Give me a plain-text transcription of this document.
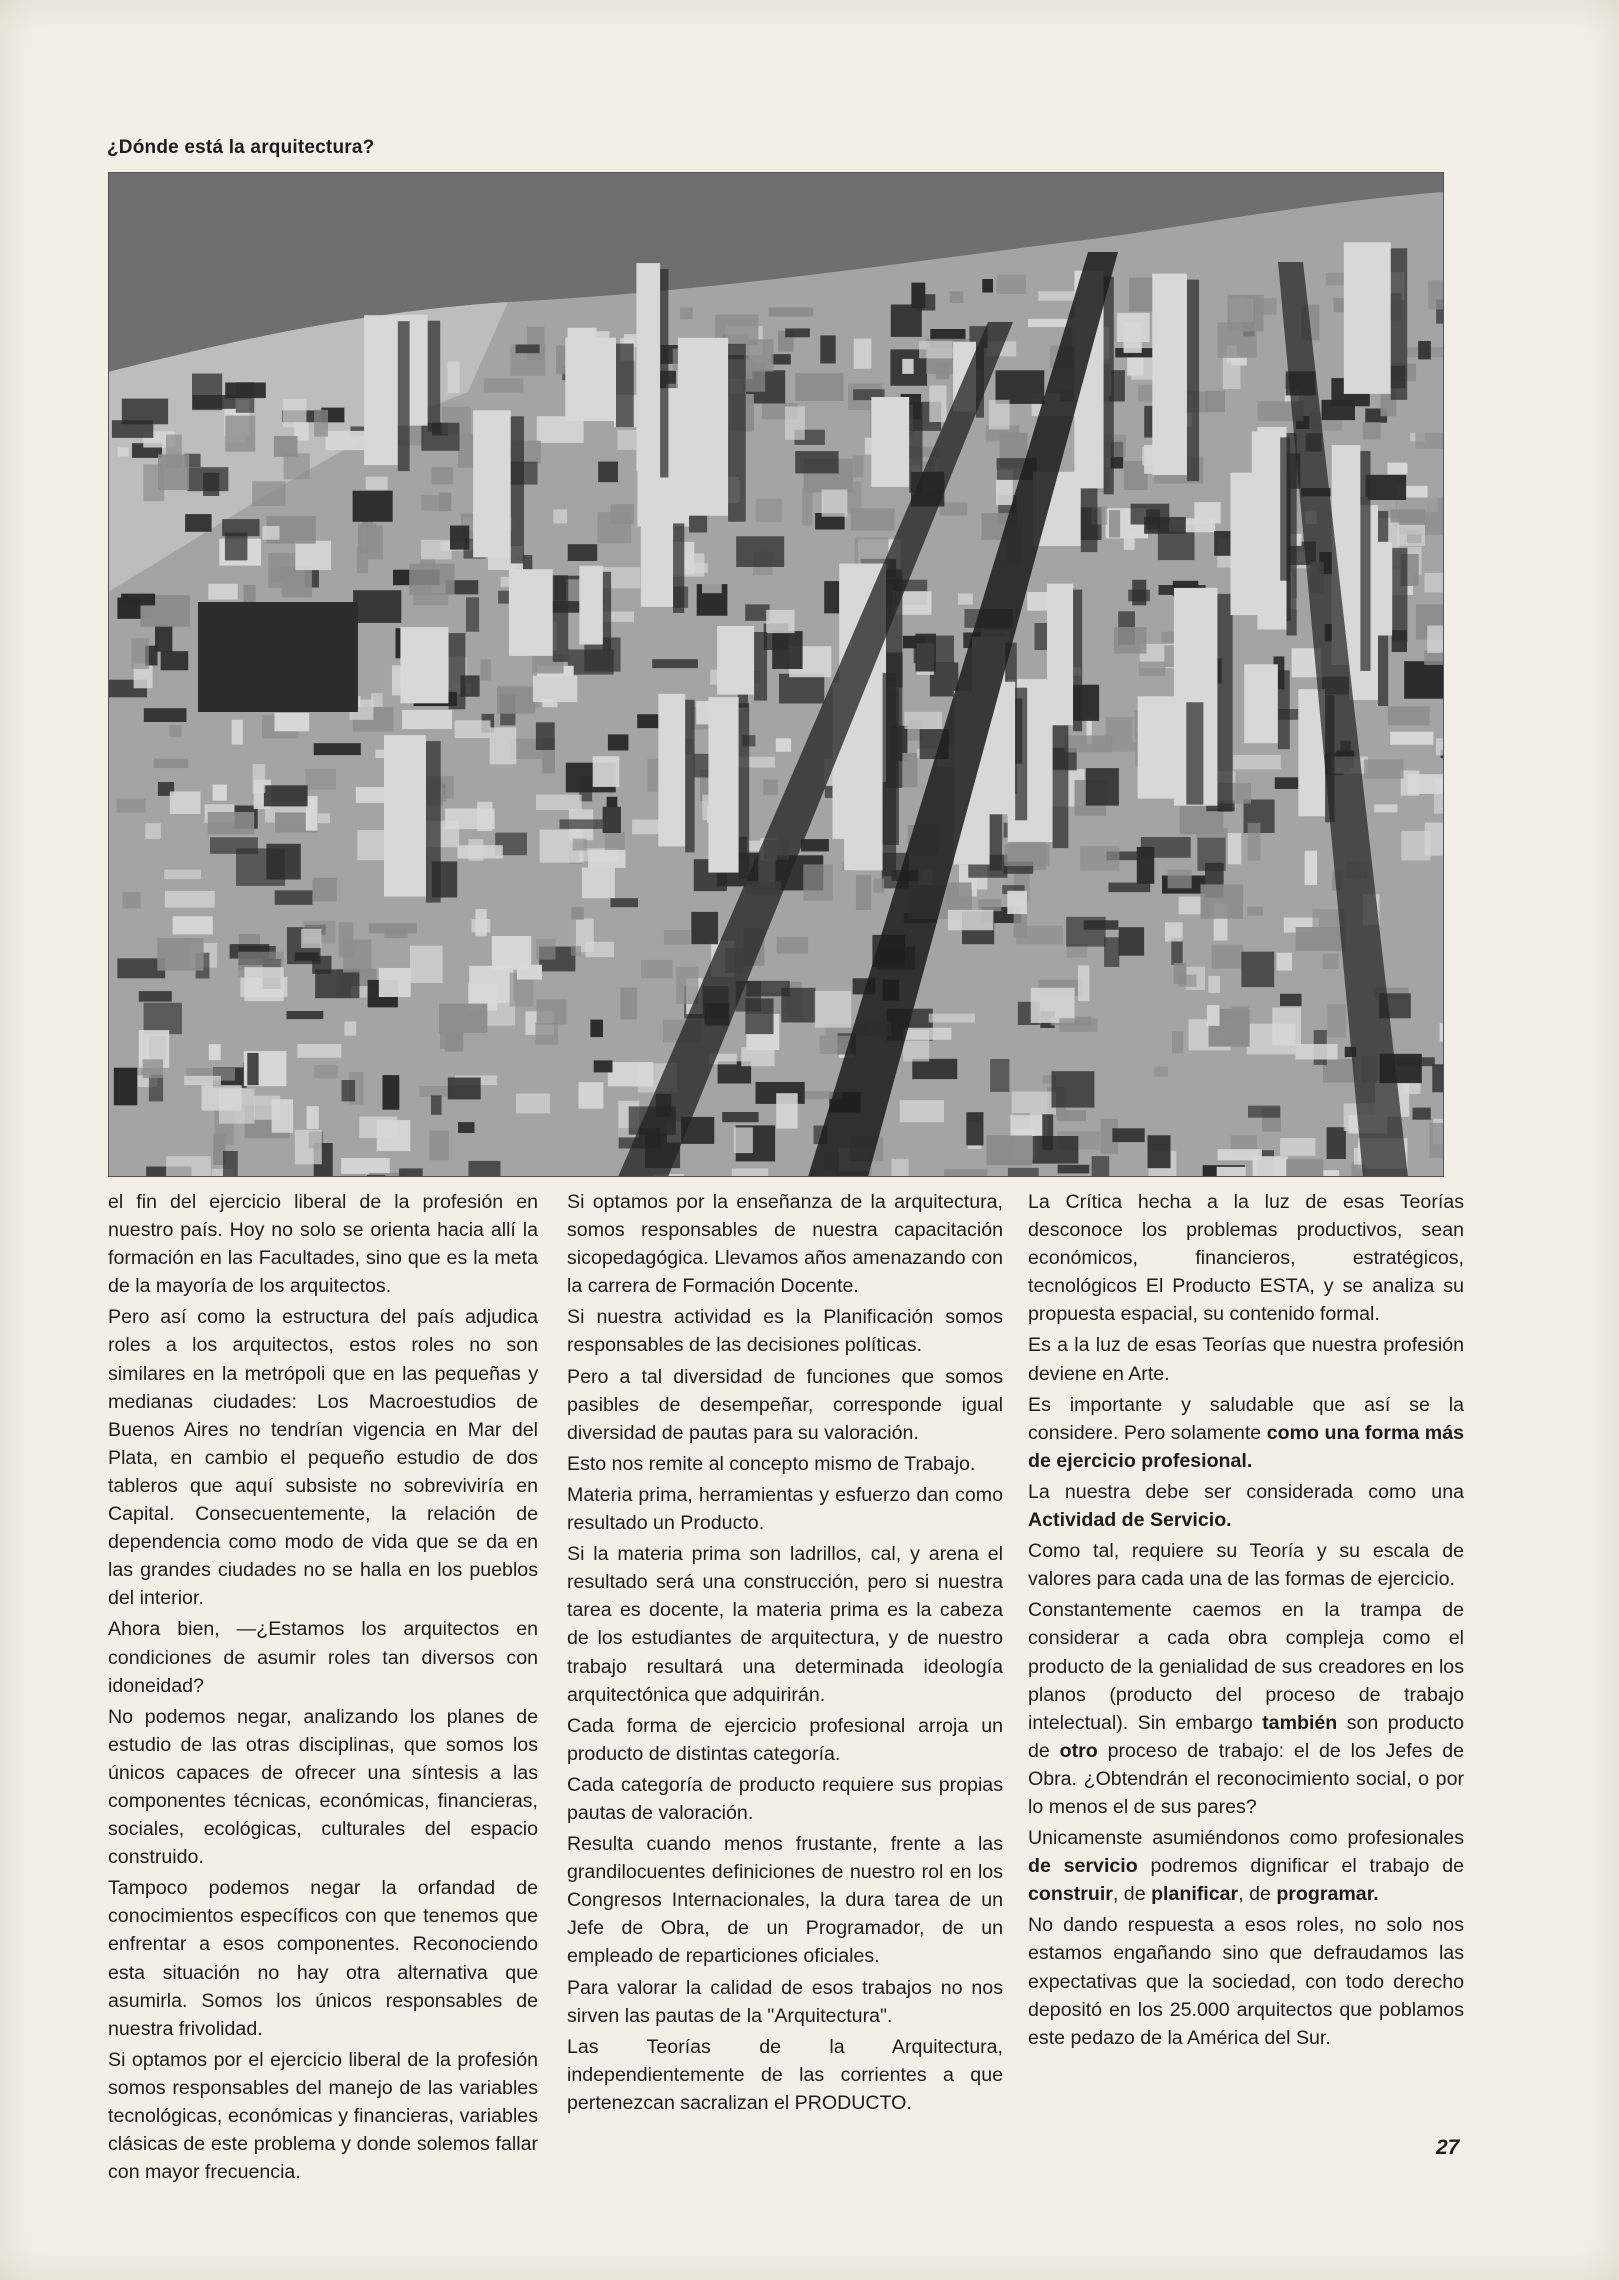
¿Dónde está la arquitectura?

el fin del ejercicio liberal de la profesión en nuestro país. Hoy no solo se orienta hacia allí la formación en las Facultades, sino que es la meta de la mayoría de los arquitectos.

Pero así como la estructura del país adjudica roles a los arquitectos, estos roles no son similares en la metrópoli que en las pequeñas y medianas ciudades: Los Macroestudios de Buenos Aires no tendrían vigencia en Mar del Plata, en cambio el pequeño estudio de dos tableros que aquí subsiste no sobreviviría en Capital. Consecuentemente, la relación de dependencia como modo de vida que se da en las grandes ciudades no se halla en los pueblos del interior.

Ahora bien, —¿Estamos los arquitectos en condiciones de asumir roles tan diversos con idoneidad?

No podemos negar, analizando los planes de estudio de las otras disciplinas, que somos los únicos capaces de ofrecer una síntesis a las componentes técnicas, económicas, financieras, sociales, ecológicas, culturales del espacio construido.

Tampoco podemos negar la orfandad de conocimientos específicos con que tenemos que enfrentar a esos componentes. Reconociendo esta situación no hay otra alternativa que asumirla. Somos los únicos responsables de nuestra frivolidad.

Si optamos por el ejercicio liberal de la profesión somos responsables del manejo de las variables tecnológicas, económicas y financieras, variables clásicas de este problema y donde solemos fallar con mayor frecuencia.

Si optamos por la enseñanza de la arquitectura, somos responsables de nuestra capacitación sicopedagógica. Llevamos años amenazando con la carrera de Formación Docente.

Si nuestra actividad es la Planificación somos responsables de las decisiones políticas.

Pero a tal diversidad de funciones que somos pasibles de desempeñar, corresponde igual diversidad de pautas para su valoración.

Esto nos remite al concepto mismo de Trabajo.

Materia prima, herramientas y esfuerzo dan como resultado un Producto.

Si la materia prima son ladrillos, cal, y arena el resultado será una construcción, pero si nuestra tarea es docente, la materia prima es la cabeza de los estudiantes de arquitectura, y de nuestro trabajo resultará una determinada ideología arquitectónica que adquirirán.

Cada forma de ejercicio profesional arroja un producto de distintas categoría.

Cada categoría de producto requiere sus propias pautas de valoración.

Resulta cuando menos frustante, frente a las grandilocuentes definiciones de nuestro rol en los Congresos Internacionales, la dura tarea de un Jefe de Obra, de un Programador, de un empleado de reparticiones oficiales.

Para valorar la calidad de esos trabajos no nos sirven las pautas de la "Arquitectura".

Las Teorías de la Arquitectura, independientemente de las corrientes a que pertenezcan sacralizan el PRODUCTO.

La Crítica hecha a la luz de esas Teorías desconoce los problemas productivos, sean económicos, financieros, estratégicos, tecnológicos El Producto ESTA, y se analiza su propuesta espacial, su contenido formal.

Es a la luz de esas Teorías que nuestra profesión deviene en Arte.

Es importante y saludable que así se la considere. Pero solamente como una forma más de ejercicio profesional.

La nuestra debe ser considerada como una Actividad de Servicio.

Como tal, requiere su Teoría y su escala de valores para cada una de las formas de ejercicio.

Constantemente caemos en la trampa de considerar a cada obra compleja como el producto de la genialidad de sus creadores en los planos (producto del proceso de trabajo intelectual). Sin embargo también son producto de otro proceso de trabajo: el de los Jefes de Obra. ¿Obtendrán el reconocimiento social, o por lo menos el de sus pares?

Unicamenste asumiéndonos como profesionales de servicio podremos dignificar el trabajo de construir, de planificar, de programar.

No dando respuesta a esos roles, no solo nos estamos engañando sino que defraudamos las expectativas que la sociedad, con todo derecho depositó en los 25.000 arquitectos que poblamos este pedazo de la América del Sur.

27
